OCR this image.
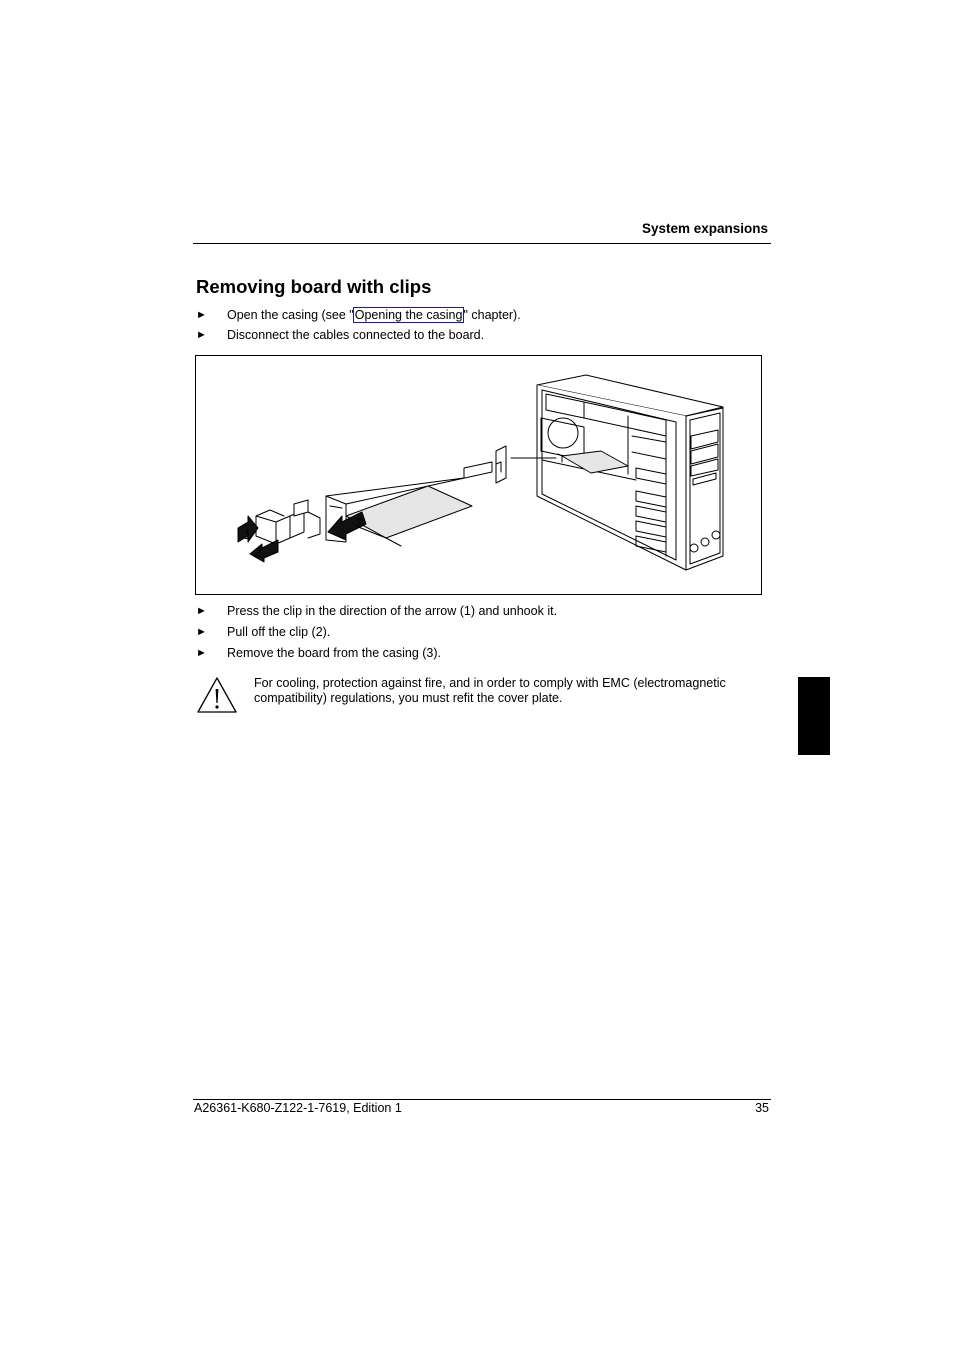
System expansions
Removing board with clips
►	Open the casing (see "Opening the casing" chapter).
►	Disconnect the cables connected to the board.
1
2
3
►	Press the clip in the direction of the arrow (1) and unhook it.
►	Pull off the clip (2).
►	Remove the board from the casing (3).
For cooling, protection against fire, and in order to comply with EMC (electromagnetic compatibility) regulations, you must refit the cover plate.
A26361-K680-Z122-1-7619, Edition 1	35
